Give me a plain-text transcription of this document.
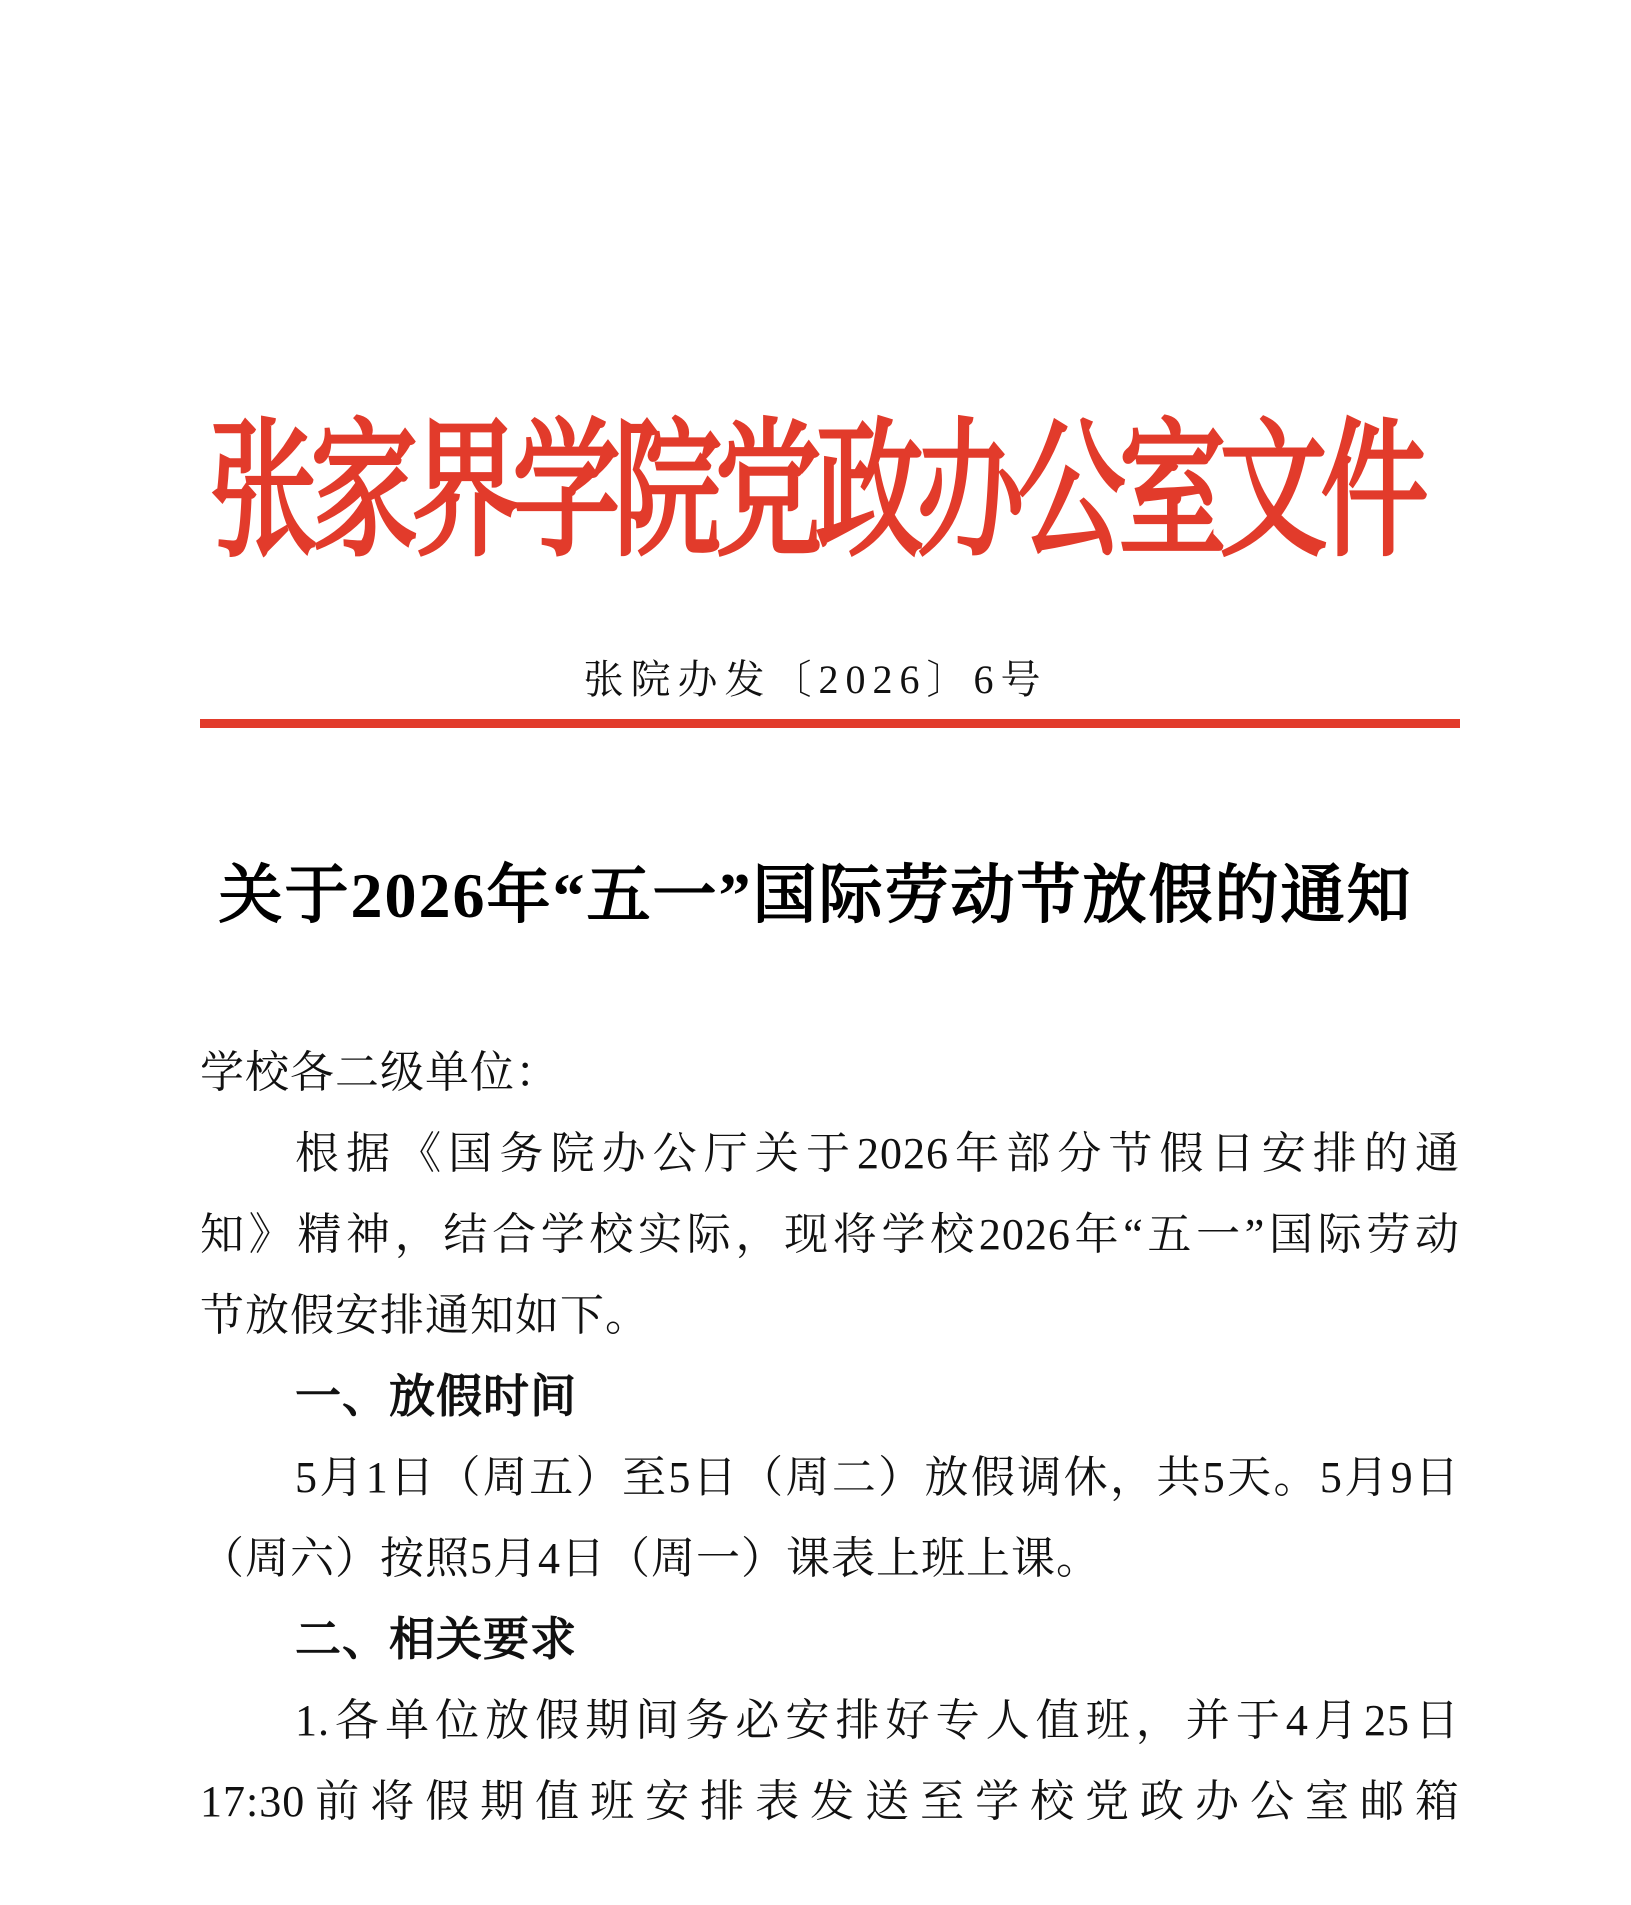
张家界学院党政办公室文件
张院办发〔2026〕6号
关于2026年“五一”国际劳动节放假的通知
学校各二级单位：
根据《国务院办公厅关于2026年部分节假日安排的通
知》精神，结合学校实际，现将学校2026年“五一”国际劳动
节放假安排通知如下。
一、放假时间
5月1日（周五）至5日（周二）放假调休，共5天。5月9日
（周六）按照5月4日（周一）课表上班上课。
二、相关要求
1.各单位放假期间务必安排好专人值班，并于4月25日
17:30前将假期值班安排表发送至学校党政办公室邮箱
